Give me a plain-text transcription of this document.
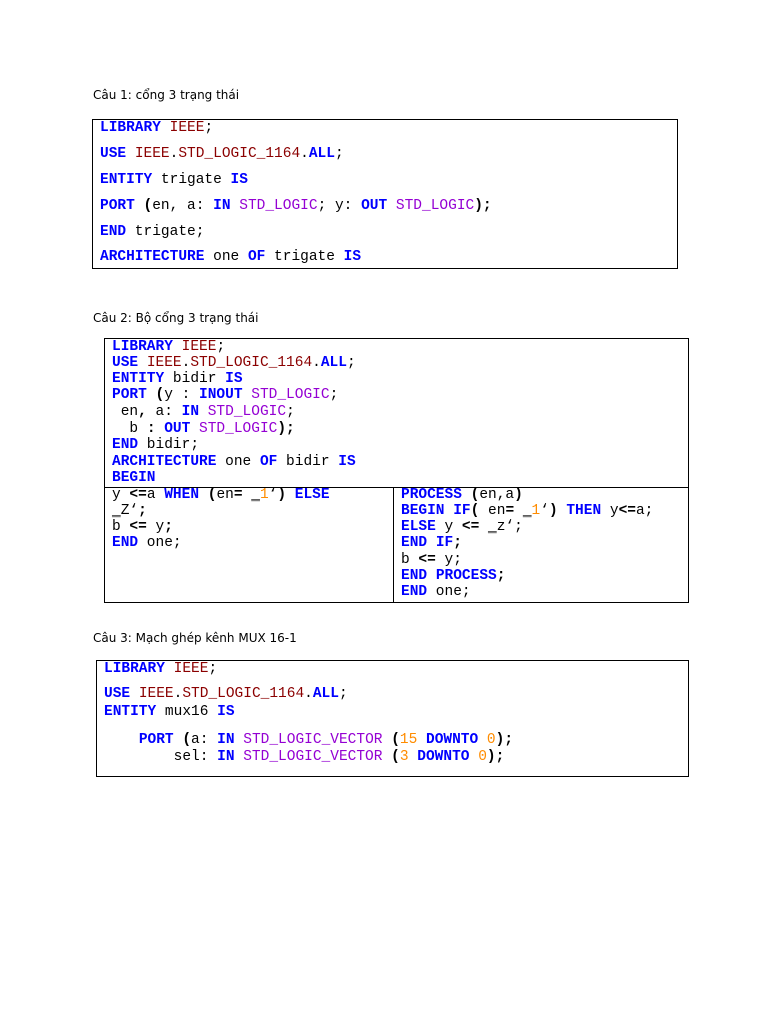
Câu 1: cổng 3 trạng thái

LIBRARY IEEE;

USE IEEE.STD_LOGIC_1164.ALL;

ENTITY trigate IS

PORT (en, a: IN STD_LOGIC; y: OUT STD_LOGIC);

END trigate;

ARCHITECTURE one OF trigate IS

Câu 2: Bộ cổng 3 trạng thái

LIBRARY IEEE;

USE IEEE.STD_LOGIC_1164.ALL;

ENTITY bidir IS

PORT (y : INOUT STD_LOGIC;

en, a: IN STD_LOGIC;

b : OUT STD_LOGIC);

END bidir;

ARCHITECTURE one OF bidir IS

BEGIN

y <=a WHEN (en= ‗1‘) ELSE

‗Z‘;

b <= y;

END one;

PROCESS (en,a)

BEGIN IF( en= ‗1‘) THEN y<=a;

ELSE y <= ‗z‘;

END IF;

b <= y;

END PROCESS;

END one;

Câu 3: Mạch ghép kênh MUX 16-1

LIBRARY IEEE;

USE IEEE.STD_LOGIC_1164.ALL;

ENTITY mux16 IS

PORT (a: IN STD_LOGIC_VECTOR (15 DOWNTO 0);

sel: IN STD_LOGIC_VECTOR (3 DOWNTO 0);
